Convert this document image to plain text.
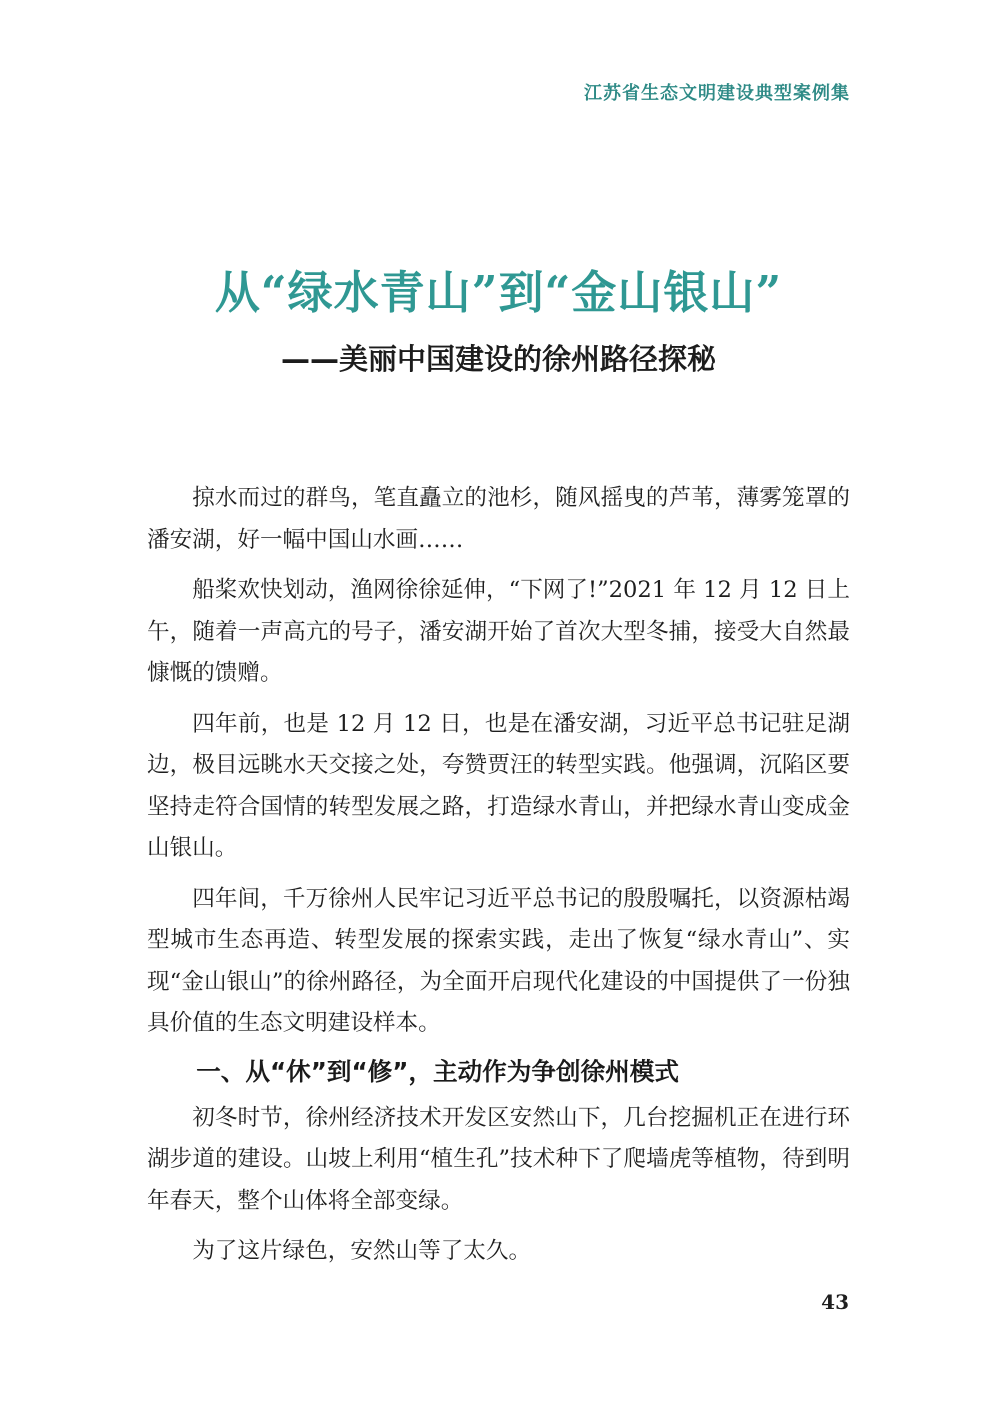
江苏省生态文明建设典型案例集
从“绿水青山”到“金山银山”
——美丽中国建设的徐州路径探秘

掠水而过的群鸟，笔直矗立的池杉，随风摇曳的芦苇，薄雾笼罩的潘安湖，好一幅中国山水画……

船桨欢快划动，渔网徐徐延伸，“下网了!”2021 年 12 月 12 日上午，随着一声高亢的号子，潘安湖开始了首次大型冬捕，接受大自然最慷慨的馈赠。

四年前，也是 12 月 12 日，也是在潘安湖，习近平总书记驻足湖边，极目远眺水天交接之处，夸赞贾汪的转型实践。他强调，沉陷区要坚持走符合国情的转型发展之路，打造绿水青山，并把绿水青山变成金山银山。

四年间，千万徐州人民牢记习近平总书记的殷殷嘱托，以资源枯竭型城市生态再造、转型发展的探索实践，走出了恢复“绿水青山”、实现“金山银山”的徐州路径，为全面开启现代化建设的中国提供了一份独具价值的生态文明建设样本。

一、从“休”到“修”，主动作为争创徐州模式

初冬时节，徐州经济技术开发区安然山下，几台挖掘机正在进行环湖步道的建设。山坡上利用“植生孔”技术种下了爬墙虎等植物，待到明年春天，整个山体将全部变绿。

为了这片绿色，安然山等了太久。

43
